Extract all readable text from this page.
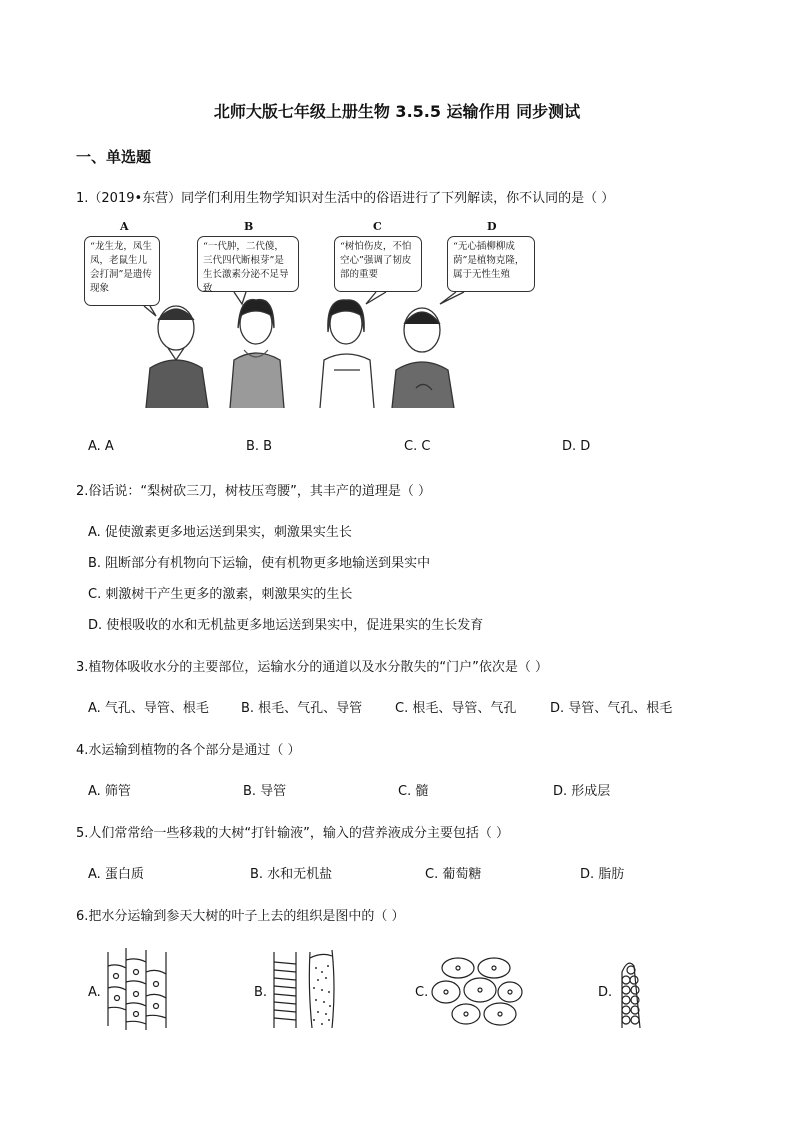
北师大版七年级上册生物 3.5.5 运输作用 同步测试
一、单选题
1.（2019•东营）同学们利用生物学知识对生活中的俗语进行了下列解读，你不认同的是（ ）
A	B	C	D
“龙生龙，凤生凤，老鼠生儿会打洞”是遗传现象
“一代肿，二代傻，三代四代断根芽”是生长激素分泌不足导致
“树怕伤皮，不怕空心”强调了韧皮部的重要
“无心插柳柳成荫”是植物克隆，属于无性生殖
A. A	B. B	C. C	D. D
2.俗话说：“梨树砍三刀，树枝压弯腰”，其丰产的道理是（ ）
A. 促使激素更多地运送到果实，刺激果实生长
B. 阻断部分有机物向下运输，使有机物更多地输送到果实中
C. 刺激树干产生更多的激素，刺激果实的生长
D. 使根吸收的水和无机盐更多地运送到果实中，促进果实的生长发育
3.植物体吸收水分的主要部位，运输水分的通道以及水分散失的“门户”依次是（ ）
A. 气孔、导管、根毛 B. 根毛、气孔、导管	C. 根毛、导管、气孔	D. 导管、气孔、根毛
4.水运输到植物的各个部分是通过（ ）
A. 筛管	B. 导管	C. 髓	D. 形成层
5.人们常常给一些移栽的大树“打针输液”，输入的营养液成分主要包括（ ）
A. 蛋白质	B. 水和无机盐	C. 葡萄糖	D. 脂肪
6.把水分运输到参天大树的叶子上去的组织是图中的（ ）
A.	B.	C.	D.
